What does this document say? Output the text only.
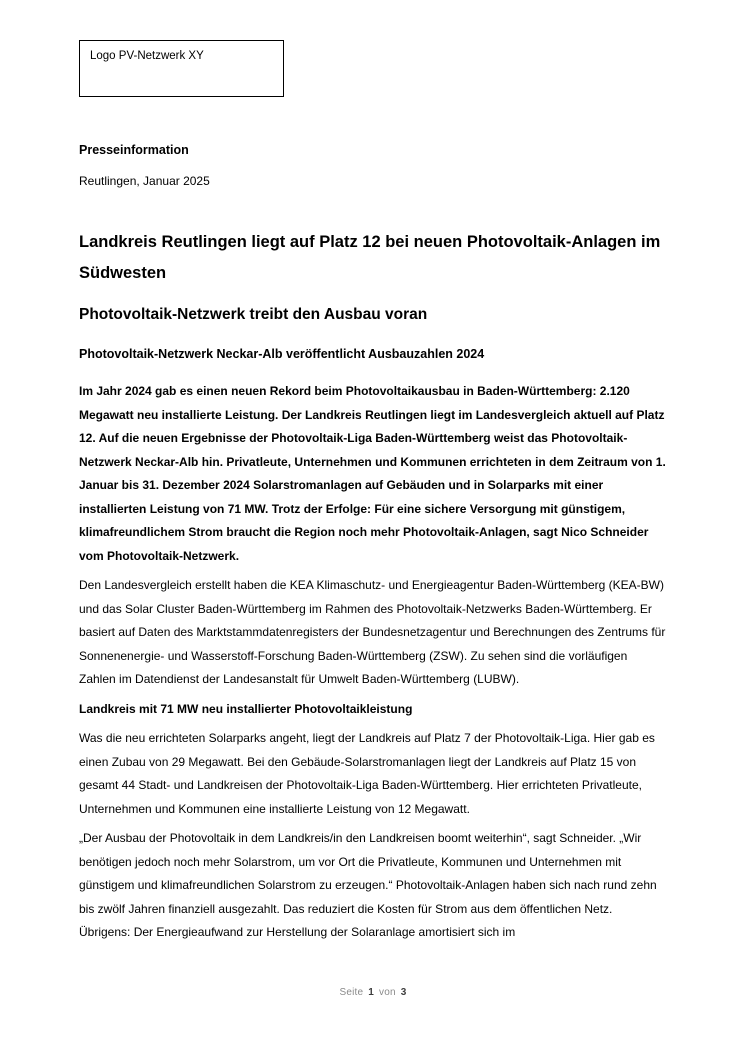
Logo PV-Netzwerk XY

Presseinformation

Reutlingen, Januar 2025

Landkreis Reutlingen liegt auf Platz 12 bei neuen Photovoltaik-Anlagen im Südwesten
Photovoltaik-Netzwerk treibt den Ausbau voran
Photovoltaik-Netzwerk Neckar-Alb veröffentlicht Ausbauzahlen 2024

Im Jahr 2024 gab es einen neuen Rekord beim Photovoltaikausbau in Baden-Württemberg: 2.120 Megawatt neu installierte Leistung. Der Landkreis Reutlingen liegt im Landesvergleich aktuell auf Platz 12. Auf die neuen Ergebnisse der Photovoltaik-Liga Baden-Württemberg weist das Photovoltaik-Netzwerk Neckar-Alb hin. Privatleute, Unternehmen und Kommunen errichteten in dem Zeitraum von 1. Januar bis 31. Dezember 2024 Solarstromanlagen auf Gebäuden und in Solarparks mit einer installierten Leistung von 71 MW. Trotz der Erfolge: Für eine sichere Versorgung mit günstigem, klimafreundlichem Strom braucht die Region noch mehr Photovoltaik-Anlagen, sagt Nico Schneider vom Photovoltaik-Netzwerk.

Den Landesvergleich erstellt haben die KEA Klimaschutz- und Energieagentur Baden-Württemberg (KEA-BW) und das Solar Cluster Baden-Württemberg im Rahmen des Photovoltaik-Netzwerks Baden-Württemberg. Er basiert auf Daten des Marktstammdatenregisters der Bundesnetzagentur und Berechnungen des Zentrums für Sonnenenergie- und Wasserstoff-Forschung Baden-Württemberg (ZSW). Zu sehen sind die vorläufigen Zahlen im Datendienst der Landesanstalt für Umwelt Baden-Württemberg (LUBW).

Landkreis mit 71 MW neu installierter Photovoltaikleistung

Was die neu errichteten Solarparks angeht, liegt der Landkreis auf Platz 7 der Photovoltaik-Liga. Hier gab es einen Zubau von 29 Megawatt. Bei den Gebäude-Solarstromanlagen liegt der Landkreis auf Platz 15 von gesamt 44 Stadt- und Landkreisen der Photovoltaik-Liga Baden-Württemberg. Hier errichteten Privatleute, Unternehmen und Kommunen eine installierte Leistung von 12 Megawatt.

„Der Ausbau der Photovoltaik in dem Landkreis/in den Landkreisen boomt weiterhin“, sagt Schneider. „Wir benötigen jedoch noch mehr Solarstrom, um vor Ort die Privatleute, Kommunen und Unternehmen mit günstigem und klimafreundlichen Solarstrom zu erzeugen.“ Photovoltaik-Anlagen haben sich nach rund zehn bis zwölf Jahren finanziell ausgezahlt. Das reduziert die Kosten für Strom aus dem öffentlichen Netz. Übrigens: Der Energieaufwand zur Herstellung der Solaranlage amortisiert sich im

Seite 1 von 3
